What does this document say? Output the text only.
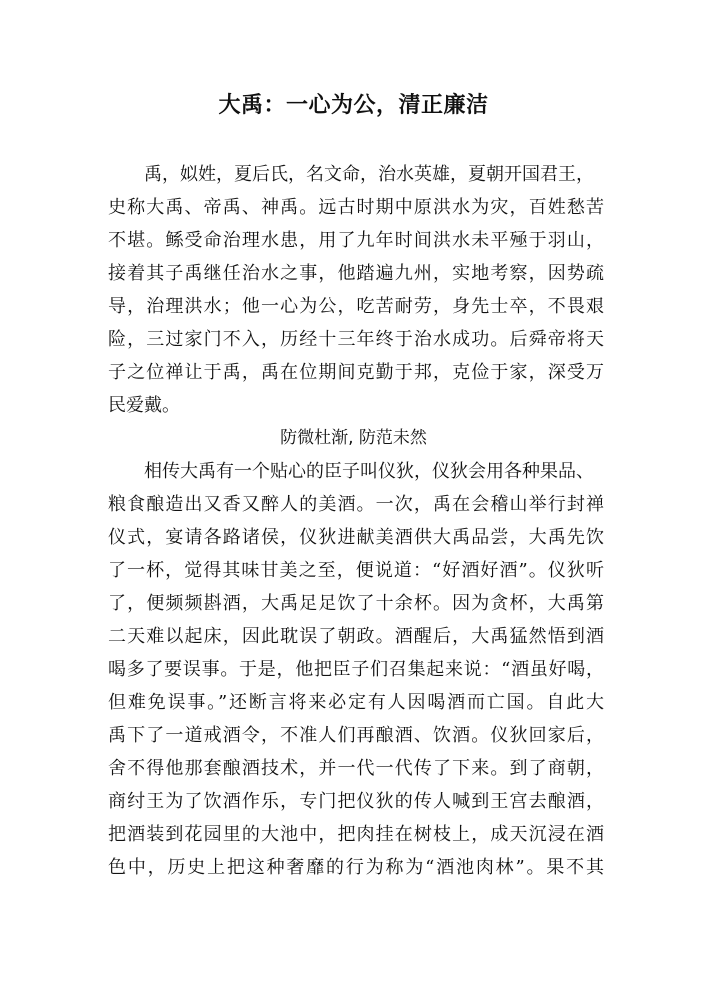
大禹：一心为公，清正廉洁
禹，姒姓，夏后氏，名文命，治水英雄，夏朝开国君王，
史称大禹、帝禹、神禹。远古时期中原洪水为灾，百姓愁苦
不堪。鲧受命治理水患，用了九年时间洪水未平殛于羽山，
接着其子禹继任治水之事，他踏遍九州，实地考察，因势疏
导，治理洪水；他一心为公，吃苦耐劳，身先士卒，不畏艰
险，三过家门不入，历经十三年终于治水成功。后舜帝将天
子之位禅让于禹，禹在位期间克勤于邦，克俭于家，深受万
民爱戴。
防微杜渐, 防范未然
相传大禹有一个贴心的臣子叫仪狄，仪狄会用各种果品、
粮食酿造出又香又醉人的美酒。一次，禹在会稽山举行封禅
仪式，宴请各路诸侯，仪狄进献美酒供大禹品尝，大禹先饮
了一杯，觉得其味甘美之至，便说道：“好酒好酒”。仪狄听
了，便频频斟酒，大禹足足饮了十余杯。因为贪杯，大禹第
二天难以起床，因此耽误了朝政。酒醒后，大禹猛然悟到酒
喝多了要误事。于是，他把臣子们召集起来说：“酒虽好喝，
但难免误事。”还断言将来必定有人因喝酒而亡国。自此大
禹下了一道戒酒令，不准人们再酿酒、饮酒。仪狄回家后，
舍不得他那套酿酒技术，并一代一代传了下来。到了商朝，
商纣王为了饮酒作乐，专门把仪狄的传人喊到王宫去酿酒，
把酒装到花园里的大池中，把肉挂在树枝上，成天沉浸在酒
色中，历史上把这种奢靡的行为称为“酒池肉林”。果不其
